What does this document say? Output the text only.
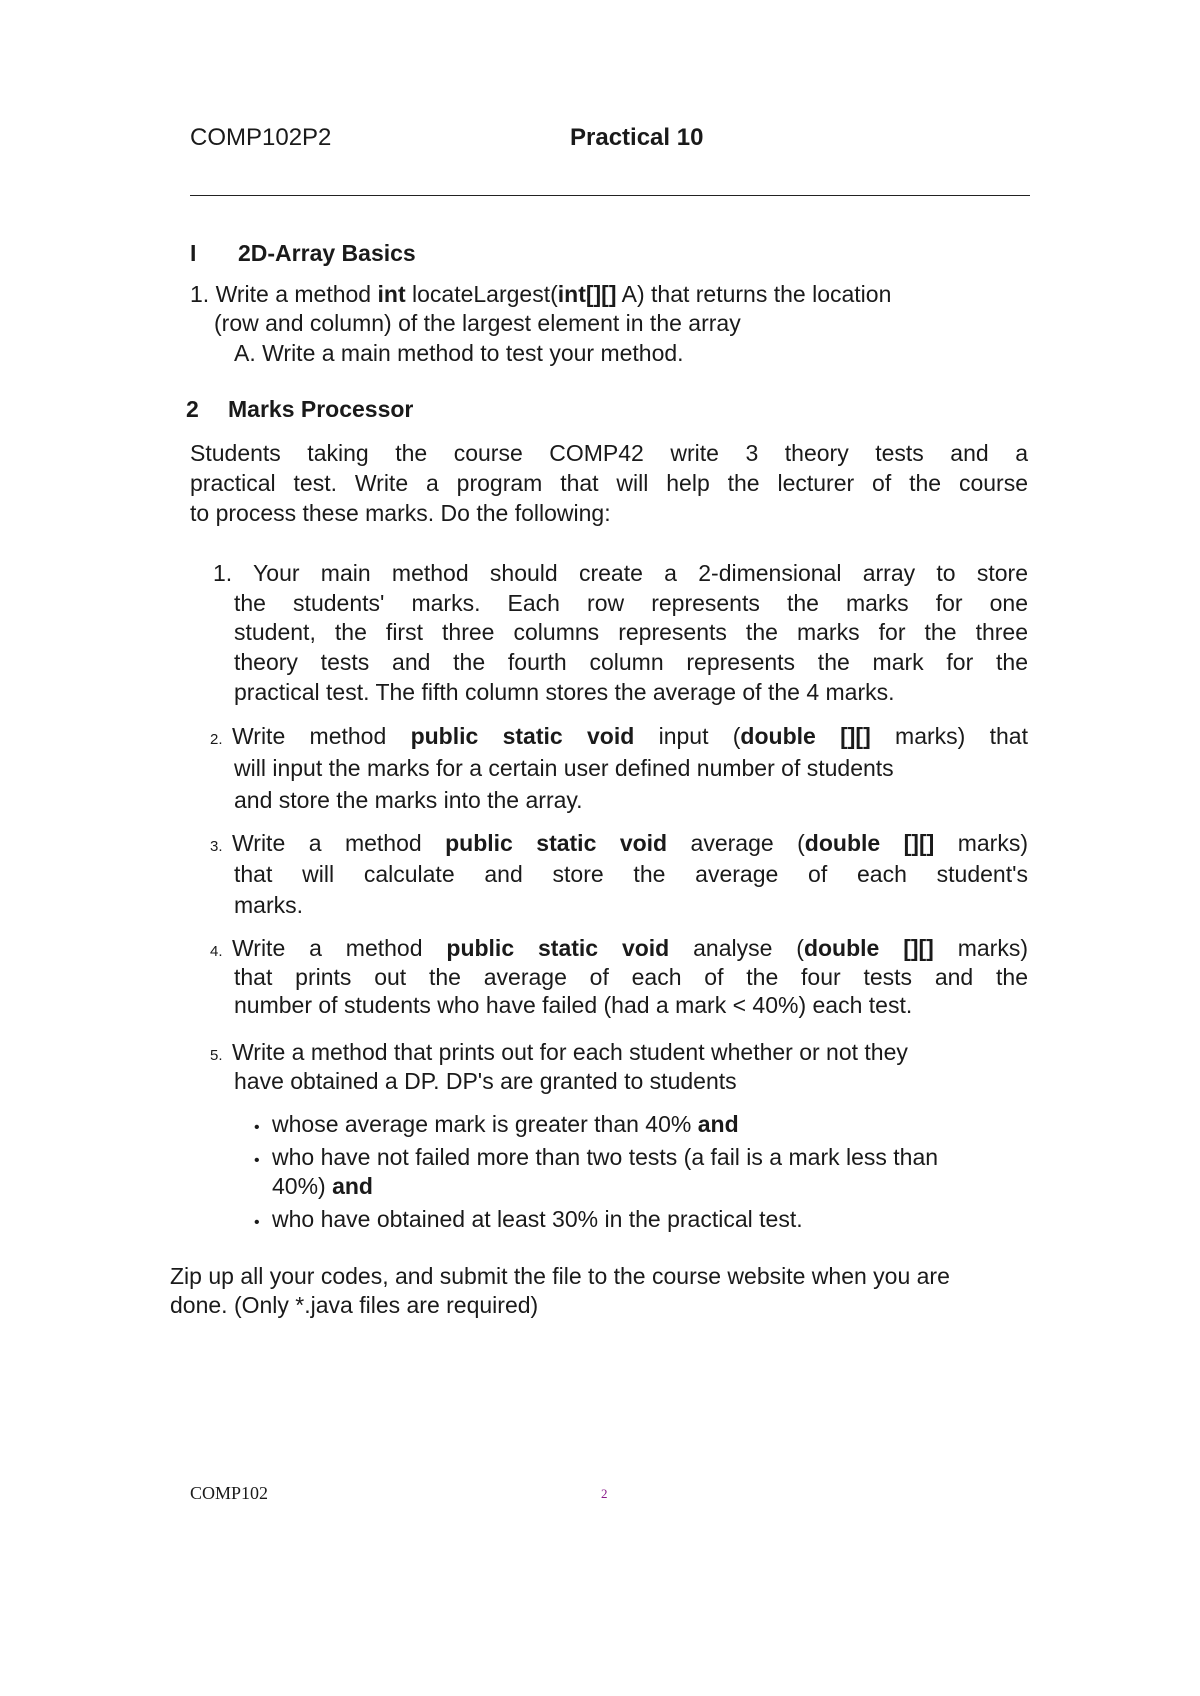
COMP102P2	Practical 10
I 2D-Array Basics
1. Write a method int locateLargest(int[][] A) that returns the location
(row and column) of the largest element in the array
A. Write a main method to test your method.
2 Marks Processor
Students taking the course COMP42 write 3 theory tests and a
practical test. Write a program that will help the lecturer of the course
to process these marks. Do the following:
1. Your main method should create a 2-dimensional array to store
the students' marks. Each row represents the marks for one
student, the first three columns represents the marks for the three
theory tests and the fourth column represents the mark for the
practical test. The fifth column stores the average of the 4 marks.
2. Write method public static void input (double [][] marks) that
will input the marks for a certain user defined number of students
and store the marks into the array.
3. Write a method public static void average (double [][] marks)
that will calculate and store the average of each student's
marks.
4. Write a method public static void analyse (double [][] marks)
that prints out the average of each of the four tests and the
number of students who have failed (had a mark < 40%) each test.
5. Write a method that prints out for each student whether or not they
have obtained a DP. DP's are granted to students
• whose average mark is greater than 40% and
• who have not failed more than two tests (a fail is a mark less than
40%) and
• who have obtained at least 30% in the practical test.
Zip up all your codes, and submit the file to the course website when you are
done. (Only *.java files are required)
COMP102	2
